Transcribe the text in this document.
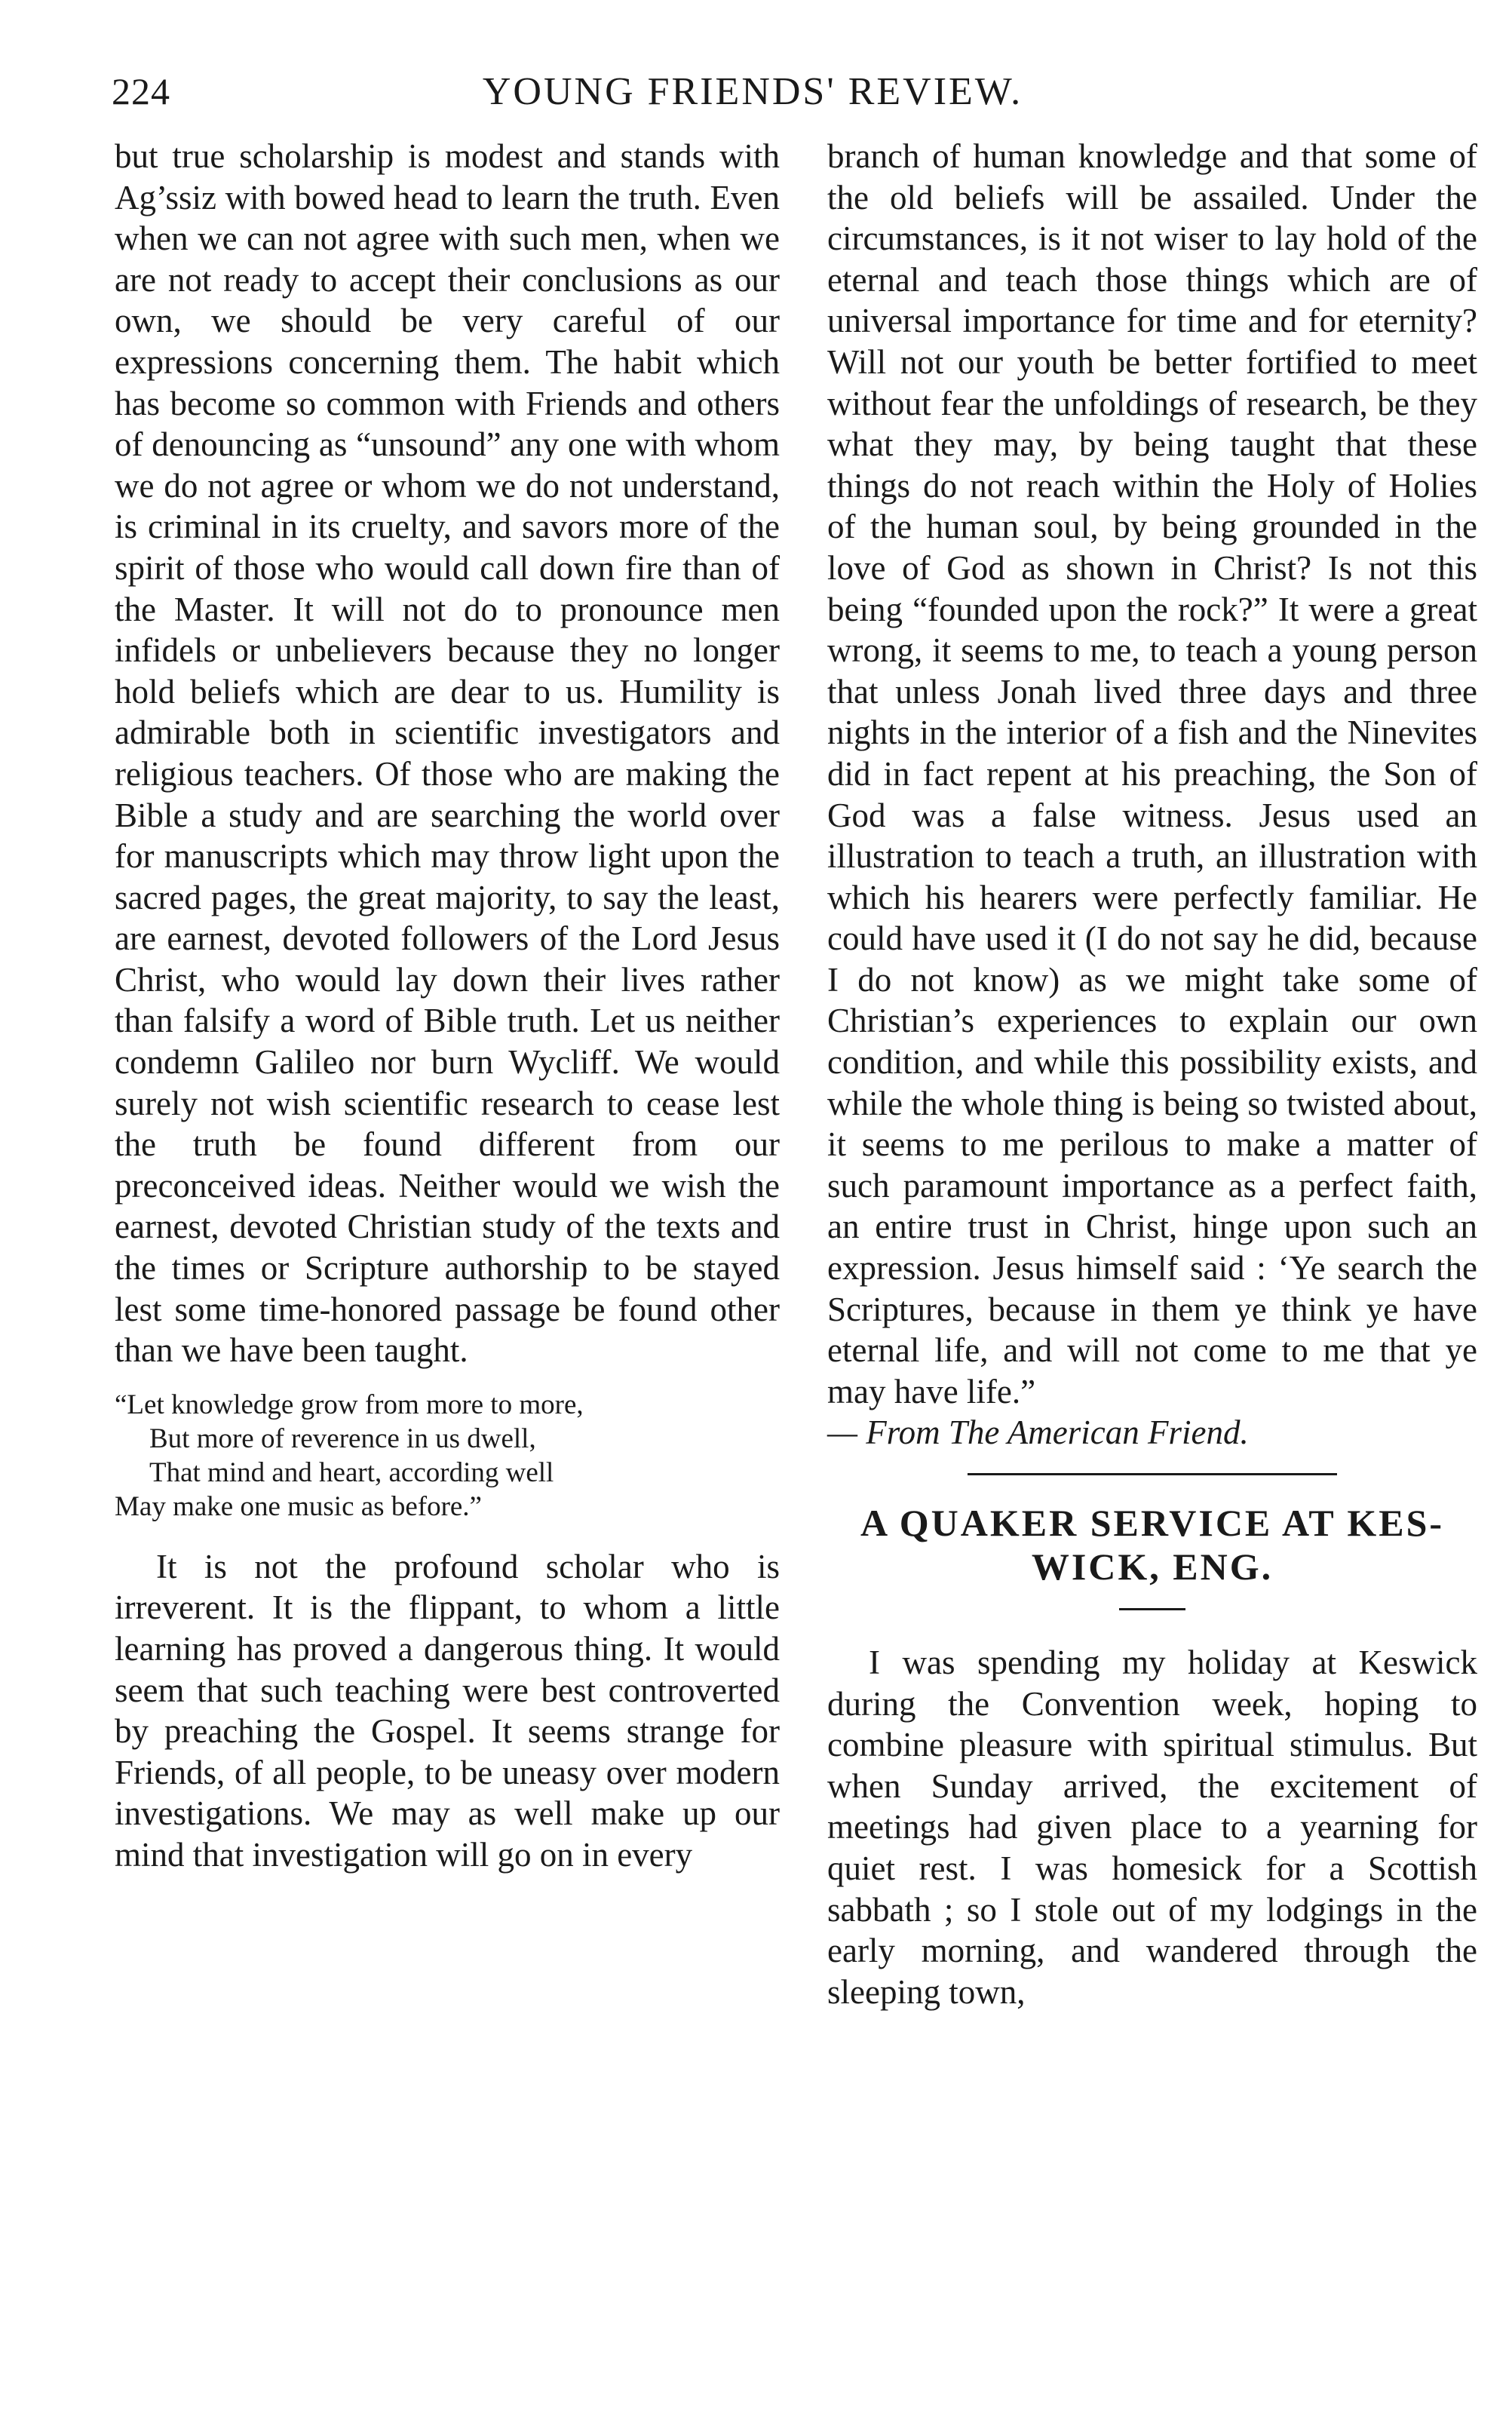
224	YOUNG FRIENDS' REVIEW.

but true scholarship is modest and stands with Ag’ssiz with bowed head to learn the truth. Even when we can not agree with such men, when we are not ready to accept their conclusions as our own, we should be very careful of our expressions concerning them. The habit which has become so common with Friends and others of denouncing as “unsound” any one with whom we do not agree or whom we do not understand, is criminal in its cruelty, and savors more of the spirit of those who would call down fire than of the Master. It will not do to pronounce men infidels or unbelievers because they no longer hold beliefs which are dear to us. Humility is admirable both in scientific investigators and religious teachers. Of those who are making the Bible a study and are searching the world over for manuscripts which may throw light upon the sacred pages, the great majority, to say the least, are earnest, devoted followers of the Lord Jesus Christ, who would lay down their lives rather than falsify a word of Bible truth. Let us neither condemn Galileo nor burn Wycliff. We would surely not wish scientific research to cease lest the truth be found different from our preconceived ideas. Neither would we wish the earnest, devoted Christian study of the texts and the times or Scripture authorship to be stayed lest some time-honored passage be found other than we have been taught.

“Let knowledge grow from more to more,
But more of reverence in us dwell,
That mind and heart, according well
May make one music as before.”

It is not the profound scholar who is irreverent. It is the flippant, to whom a little learning has proved a dangerous thing. It would seem that such teaching were best controverted by preaching the Gospel. It seems strange for Friends, of all people, to be uneasy over modern investigations. We may as well make up our mind that investigation will go on in every

branch of human knowledge and that some of the old beliefs will be assailed. Under the circumstances, is it not wiser to lay hold of the eternal and teach those things which are of universal importance for time and for eternity? Will not our youth be better fortified to meet without fear the unfoldings of research, be they what they may, by being taught that these things do not reach within the Holy of Holies of the human soul, by being grounded in the love of God as shown in Christ? Is not this being “founded upon the rock?” It were a great wrong, it seems to me, to teach a young person that unless Jonah lived three days and three nights in the interior of a fish and the Ninevites did in fact repent at his preaching, the Son of God was a false witness. Jesus used an illustration to teach a truth, an illustration with which his hearers were perfectly familiar. He could have used it (I do not say he did, because I do not know) as we might take some of Christian’s experiences to explain our own condition, and while this possibility exists, and while the whole thing is being so twisted about, it seems to me perilous to make a matter of such paramount importance as a perfect faith, an entire trust in Christ, hinge upon such an expression. Jesus himself said : ‘Ye search the Scriptures, because in them ye think ye have eternal life, and will not come to me that ye may have life.”

— From The American Friend.

A QUAKER SERVICE AT KES-
WICK, ENG.

I was spending my holiday at Keswick during the Convention week, hoping to combine pleasure with spiritual stimulus. But when Sunday arrived, the excitement of meetings had given place to a yearning for quiet rest. I was homesick for a Scottish sabbath ; so I stole out of my lodgings in the early morning, and wandered through the sleeping town,
